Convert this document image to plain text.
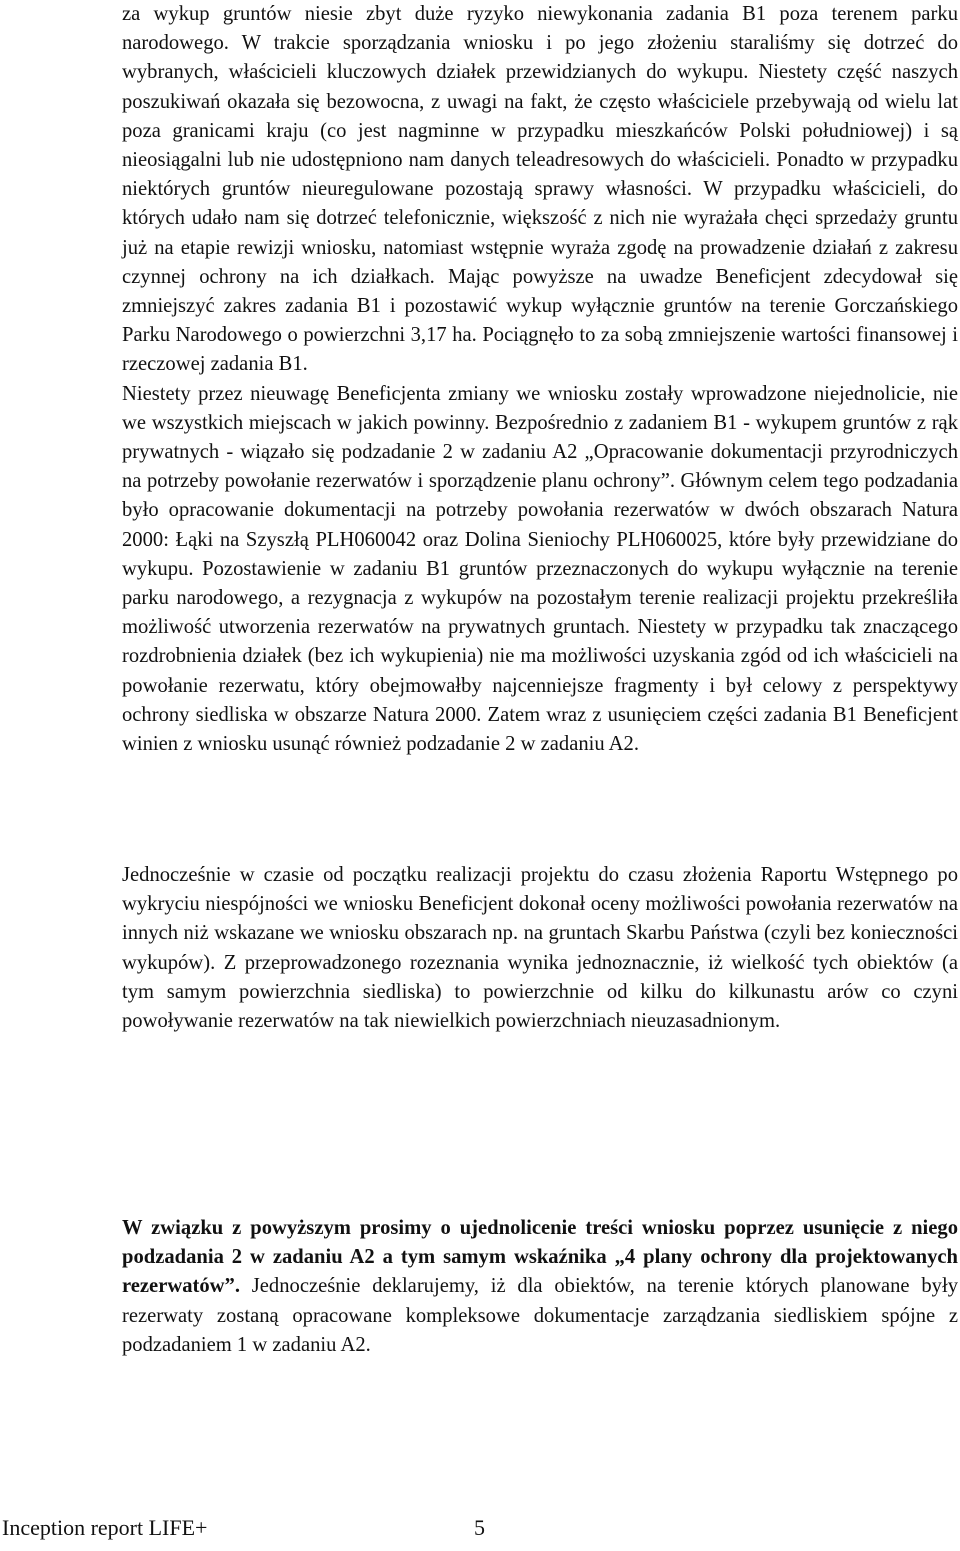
za wykup gruntów niesie zbyt duże ryzyko niewykonania zadania B1 poza terenem parku narodowego. W trakcie sporządzania wniosku i po jego złożeniu staraliśmy się dotrzeć do wybranych, właścicieli kluczowych działek przewidzianych do wykupu. Niestety część naszych poszukiwań okazała się bezowocna, z uwagi na fakt, że często właściciele przebywają od wielu lat poza granicami kraju (co jest nagminne w przypadku mieszkańców Polski południowej) i są nieosiągalni lub nie udostępniono nam danych teleadresowych do właścicieli. Ponadto w przypadku niektórych gruntów nieuregulowane pozostają sprawy własności. W przypadku właścicieli, do których udało nam się dotrzeć telefonicznie, większość z nich nie wyrażała chęci sprzedaży gruntu już na etapie rewizji wniosku, natomiast wstępnie wyraża zgodę na prowadzenie działań z zakresu czynnej ochrony na ich działkach. Mając powyższe na uwadze Beneficjent zdecydował się zmniejszyć zakres zadania B1 i pozostawić wykup wyłącznie gruntów na terenie Gorczańskiego Parku Narodowego o powierzchni 3,17 ha. Pociągnęło to za sobą zmniejszenie wartości finansowej i rzeczowej zadania B1.
Niestety przez nieuwagę Beneficjenta zmiany we wniosku zostały wprowadzone niejednolicie, nie we wszystkich miejscach w jakich powinny. Bezpośrednio z zadaniem B1 - wykupem gruntów z rąk prywatnych - wiązało się podzadanie 2 w zadaniu A2 „Opracowanie dokumentacji przyrodniczych na potrzeby powołanie rezerwatów i sporządzenie planu ochrony”. Głównym celem tego podzadania było opracowanie dokumentacji na potrzeby powołania rezerwatów w dwóch obszarach Natura 2000: Łąki na Szyszłą PLH060042 oraz Dolina Sieniochy PLH060025, które były przewidziane do wykupu. Pozostawienie w zadaniu B1 gruntów przeznaczonych do wykupu wyłącznie na terenie parku narodowego, a rezygnacja z wykupów na pozostałym terenie realizacji projektu przekreśliła możliwość utworzenia rezerwatów na prywatnych gruntach. Niestety w przypadku tak znaczącego rozdrobnienia działek (bez ich wykupienia) nie ma możliwości uzyskania zgód od ich właścicieli na powołanie rezerwatu, który obejmowałby najcenniejsze fragmenty i był celowy z perspektywy ochrony siedliska w obszarze Natura 2000. Zatem wraz z usunięciem części zadania B1 Beneficjent winien z wniosku usunąć również podzadanie 2 w zadaniu A2.
Jednocześnie w czasie od początku realizacji projektu do czasu złożenia Raportu Wstępnego po wykryciu niespójności we wniosku Beneficjent dokonał oceny możliwości powołania rezerwatów na innych niż wskazane we wniosku obszarach np. na gruntach Skarbu Państwa (czyli bez konieczności wykupów). Z przeprowadzonego rozeznania wynika jednoznacznie, iż wielkość tych obiektów (a tym samym powierzchnia siedliska) to powierzchnie od kilku do kilkunastu arów co czyni powoływanie rezerwatów na tak niewielkich powierzchniach nieuzasadnionym.
W związku z powyższym prosimy o ujednolicenie treści wniosku poprzez usunięcie z niego podzadania 2 w zadaniu A2 a tym samym wskaźnika „4 plany ochrony dla projektowanych rezerwatów”. Jednocześnie deklarujemy, iż dla obiektów, na terenie których planowane były rezerwaty zostaną opracowane kompleksowe dokumentacje zarządzania siedliskiem spójne z podzadaniem 1 w zadaniu A2.
Inception report LIFE+	5
